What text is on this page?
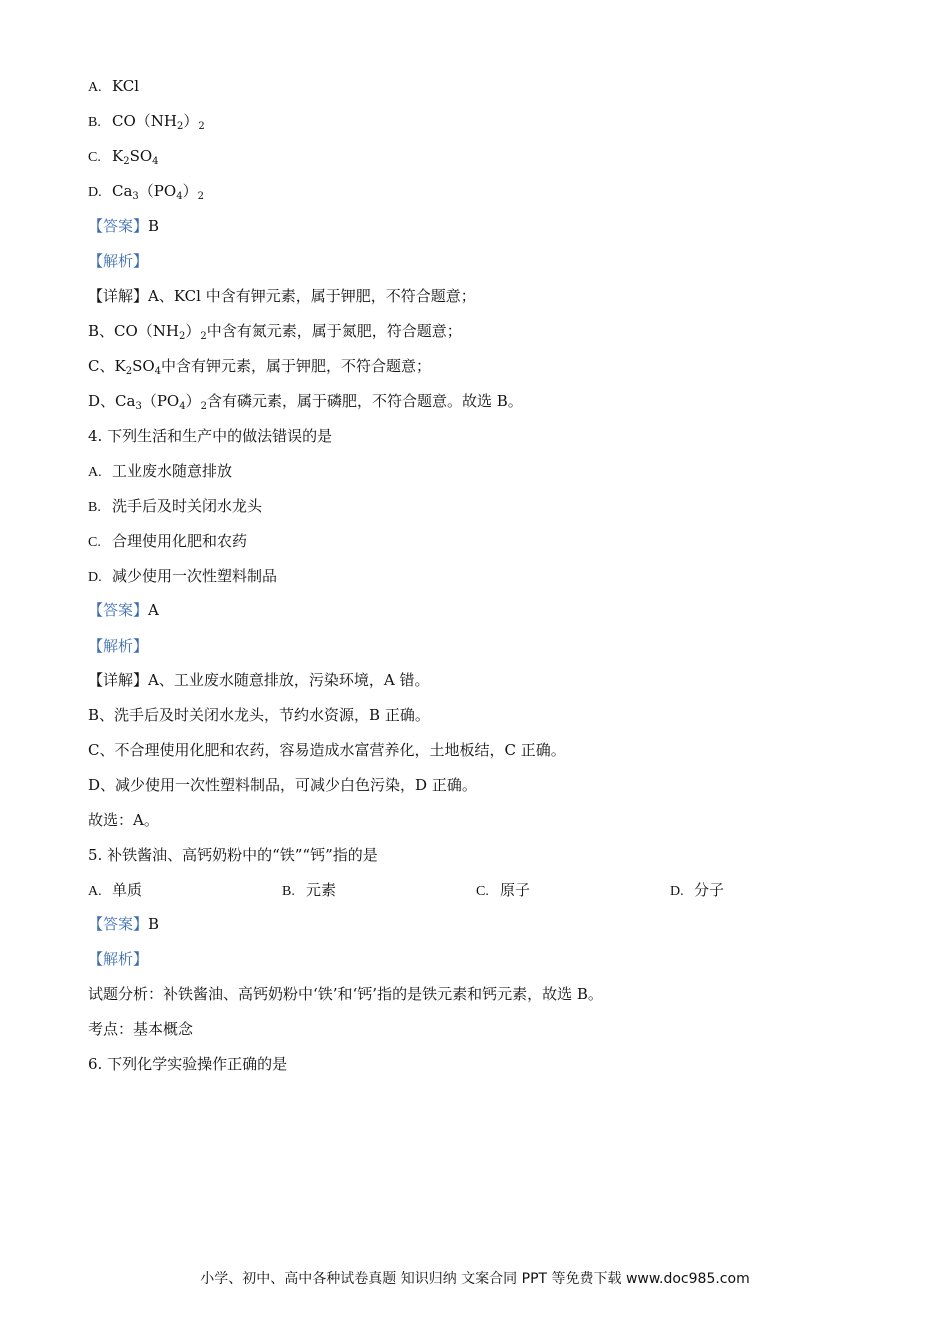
A. KCl
B. $CO(NH_2)_2$
C. $K_2SO_4$
D. $Ca_3(PO_4)_2$
【答案】B
【解析】
【详解】A、KCl 中含有钾元素，属于钾肥，不符合题意；
B、$CO(NH_2)_2$中含有氮元素，属于氮肥，符合题意；
C、$K_2SO_4$中含有钾元素，属于钾肥，不符合题意；
D、$Ca_3(PO_4)_2$含有磷元素，属于磷肥，不符合题意。故选 B。
4. 下列生活和生产中的做法错误的是
A. 工业废水随意排放
B. 洗手后及时关闭水龙头
C. 合理使用化肥和农药
D. 减少使用一次性塑料制品
【答案】A
【解析】
【详解】A、工业废水随意排放，污染环境，A 错。
B、洗手后及时关闭水龙头，节约水资源，B 正确。
C、不合理使用化肥和农药，容易造成水富营养化，土地板结，C 正确。
D、减少使用一次性塑料制品，可减少白色污染，D 正确。
故选：A。
5. 补铁酱油、高钙奶粉中的“铁”“钙”指的是
A. 单质	B. 元素	C. 原子	D. 分子
【答案】B
【解析】
试题分析：补铁酱油、高钙奶粉中‘铁’和‘钙’指的是铁元素和钙元素，故选 B。
考点：基本概念
6. 下列化学实验操作正确的是
小学、初中、高中各种试卷真题 知识归纳 文案合同 PPT 等免费下载 www.doc985.com
